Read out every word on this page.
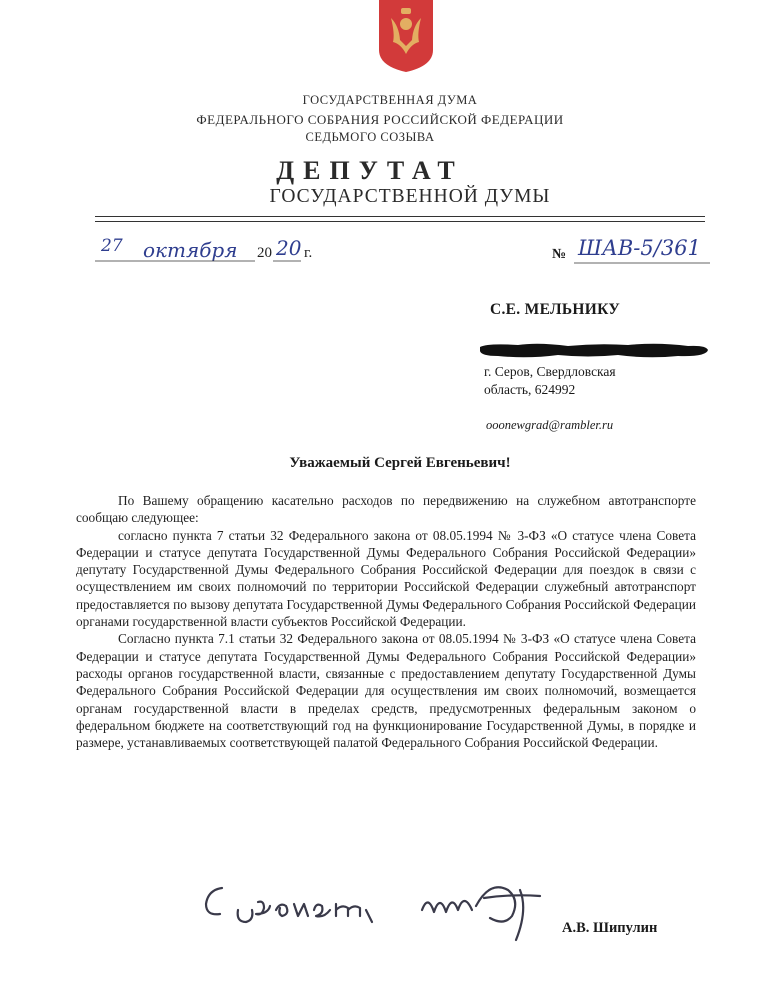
ГОСУДАРСТВЕННАЯ ДУМА
ФЕДЕРАЛЬНОГО СОБРАНИЯ РОССИЙСКОЙ ФЕДЕРАЦИИ
СЕДЬМОГО СОЗЫВА
ДЕПУТАТ
ГОСУДАРСТВЕННОЙ ДУМЫ
27 октября 20 20 г.	№ ШАВ-5/361
С.Е. МЕЛЬНИКУ
г. Серов, Свердловская
область, 624992
ooonewgrad@rambler.ru
Уважаемый Сергей Евгеньевич!

По Вашему обращению касательно расходов по передвижению на служебном автотранспорте сообщаю следующее:

согласно пункта 7 статьи 32 Федерального закона от 08.05.1994 № 3-ФЗ «О статусе члена Совета Федерации и статусе депутата Государственной Думы Федерального Собрания Российской Федерации» депутату Государственной Думы Федерального Собрания Российской Федерации для поездок в связи с осуществлением им своих полномочий по территории Российской Федерации служебный автотранспорт предоставляется по вызову депутата Государственной Думы Федерального Собрания Российской Федерации органами государственной власти субъектов Российской Федерации.

Согласно пункта 7.1 статьи 32 Федерального закона от 08.05.1994 № 3-ФЗ «О статусе члена Совета Федерации и статусе депутата Государственной Думы Федерального Собрания Российской Федерации» расходы органов государственной власти, связанные с предоставлением депутату Государственной Думы Федерального Собрания Российской Федерации для осуществления им своих полномочий, возмещается органам государственной власти в пределах средств, предусмотренных федеральным законом о федеральном бюджете на соответствующий год на функционирование Государственной Думы, в порядке и размере, устанавливаемых соответствующей палатой Федерального Собрания Российской Федерации.

А.В. Шипулин
